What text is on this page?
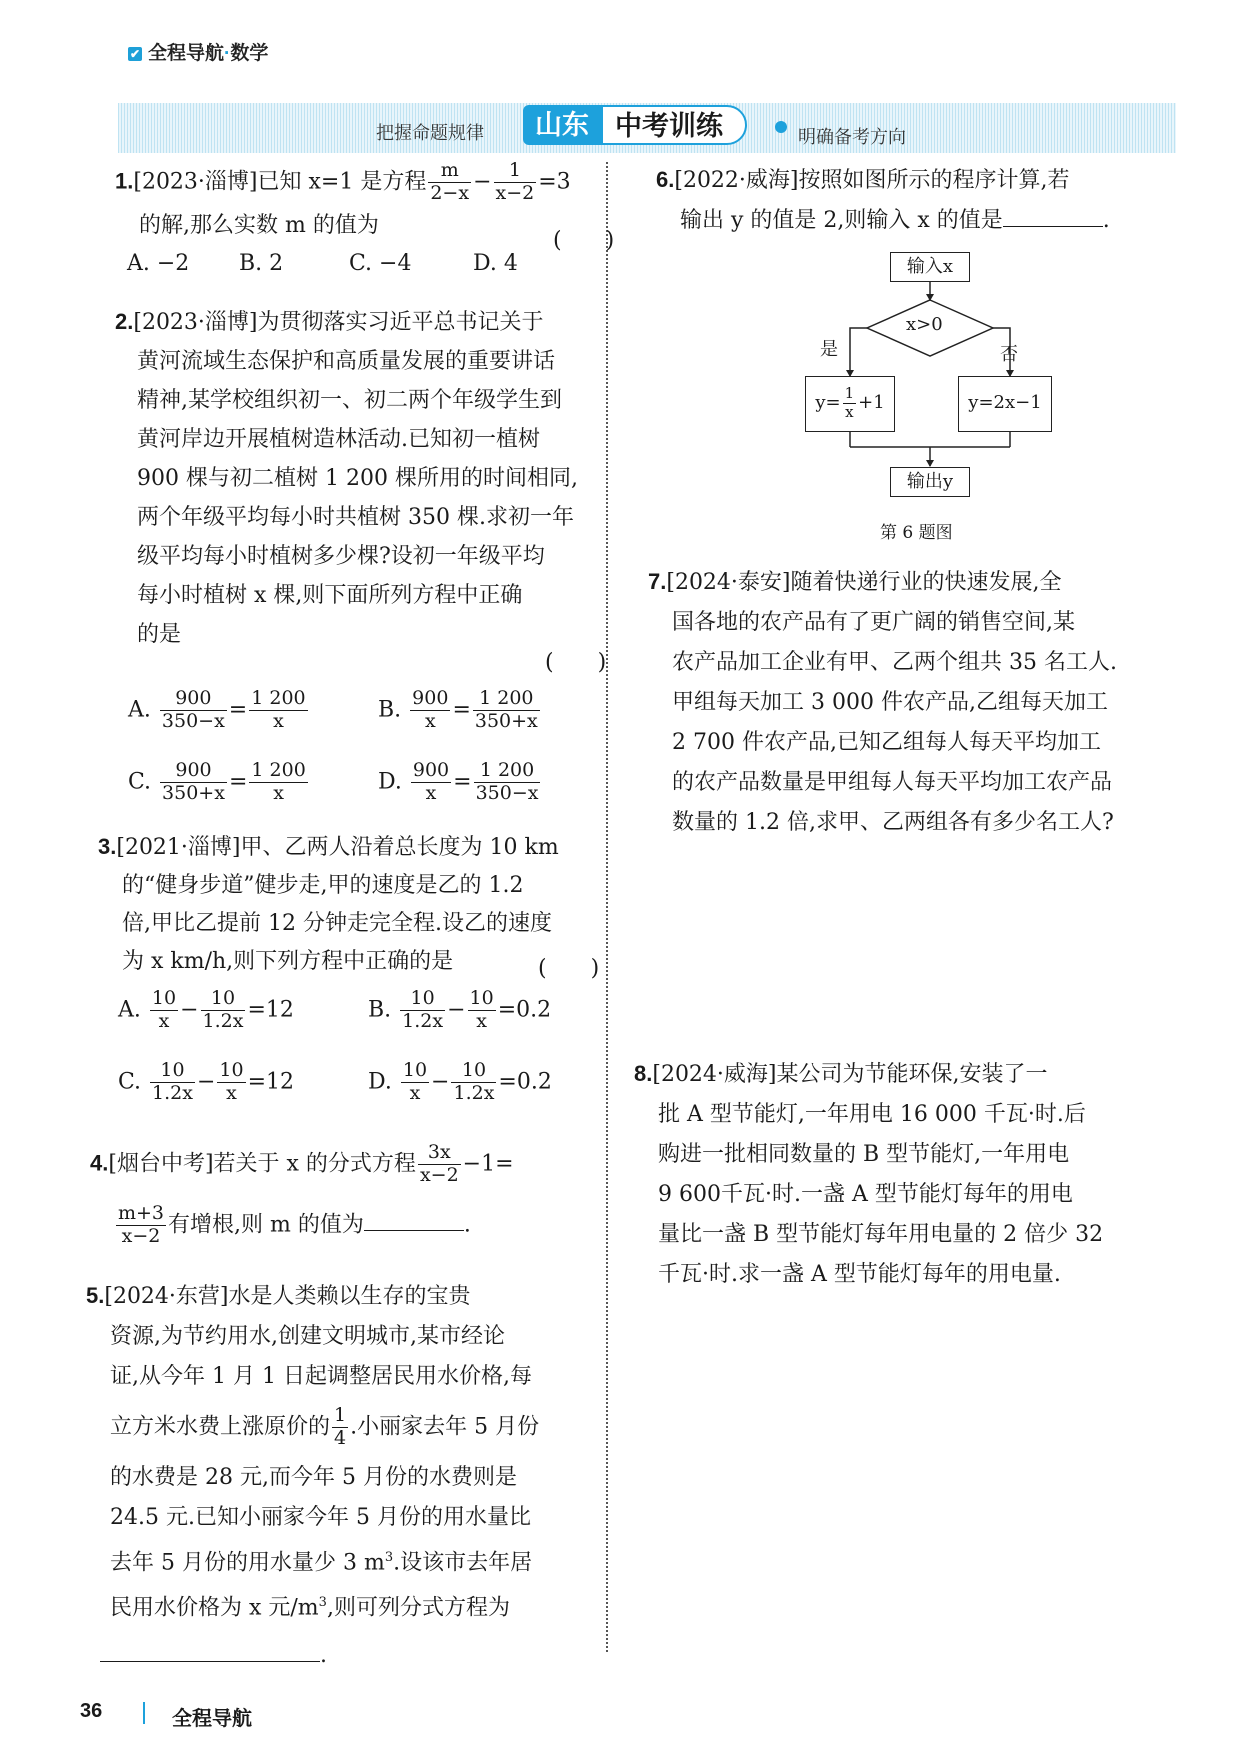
✔ 全程导航·数学
把握命题规律	山东 中考训练	明确备考方向

1.[2023·淄博]已知 x=1 是方程 $\frac{m}{2-x} - \frac{1}{x-2} =3$

的解,那么实数 m 的值为

A. −2 B. 2	C. −4	D. 4

(　　)

2.[2023·淄博]为贯彻落实习近平总书记关于

黄河流域生态保护和高质量发展的重要讲话

精神,某学校组织初一、初二两个年级学生到

黄河岸边开展植树造林活动.已知初一植树

900 棵与初二植树 1 200 棵所用的时间相同,

两个年级平均每小时共植树 350 棵.求初一年

级平均每小时植树多少棵?设初一年级平均

每小时植树 x 棵,则下面所列方程中正确

的是

(　　)

A. $\frac{900}{350-x} = \frac{1 200}{x}$	B. $\frac{900}{x} = \frac{1 200}{350+x}$

C. $\frac{900}{350+x} = \frac{1 200}{x}$	D. $\frac{900}{x} = \frac{1 200}{350-x}$

3.[2021·淄博]甲、乙两人沿着总长度为 10 km

的“健身步道”健步走,甲的速度是乙的 1.2

倍,甲比乙提前 12 分钟走完全程.设乙的速度

为 x km/h,则下列方程中正确的是	(　　)

A. $\frac{10}{x} - \frac{10}{1.2x} =12$	B. $\frac{10}{1.2x} - \frac{10}{x} =0.2$

C. $\frac{10}{1.2x} - \frac{10}{x} =12$	D. $\frac{10}{x} - \frac{10}{1.2x} =0.2$

4.[烟台中考]若关于 x 的分式方程 $\frac{3x}{x-2} -1=$

$\frac{m+3}{x-2}$ 有增根,则 m 的值为	.

5.[2024·东营]水是人类赖以生存的宝贵

资源,为节约用水,创建文明城市,某市经论

证,从今年 1 月 1 日起调整居民用水价格,每

立方米水费上涨原价的 $\frac{1}{4}$ .小丽家去年 5 月份

的水费是 28 元,而今年 5 月份的水费则是

24.5 元.已知小丽家今年 5 月份的用水量比

去年 5 月份的用水量少 3 $m^3$.设该市去年居

民用水价格为 x 元$/m^3$,则可列分式方程为

.

6.[2022·威海]按照如图所示的程序计算,若

输出 y 的值是 2,则输入 x 的值是	.

输入x
x>0
是	否
$y= \frac{1}{x} +1$	y=2x−1
输出y
第 6 题图

7.[2024·泰安]随着快递行业的快速发展,全

国各地的农产品有了更广阔的销售空间,某

农产品加工企业有甲、乙两个组共 35 名工人.

甲组每天加工 3 000 件农产品,乙组每天加工

2 700 件农产品,已知乙组每人每天平均加工

的农产品数量是甲组每人每天平均加工农产品

数量的 1.2 倍,求甲、乙两组各有多少名工人?

8.[2024·威海]某公司为节能环保,安装了一

批 A 型节能灯,一年用电 16 000 千瓦·时.后

购进一批相同数量的 B 型节能灯,一年用电

9 600千瓦·时.一盏 A 型节能灯每年的用电

量比一盏 B 型节能灯每年用电量的 2 倍少 32

千瓦·时.求一盏 A 型节能灯每年的用电量.

36	全程导航
